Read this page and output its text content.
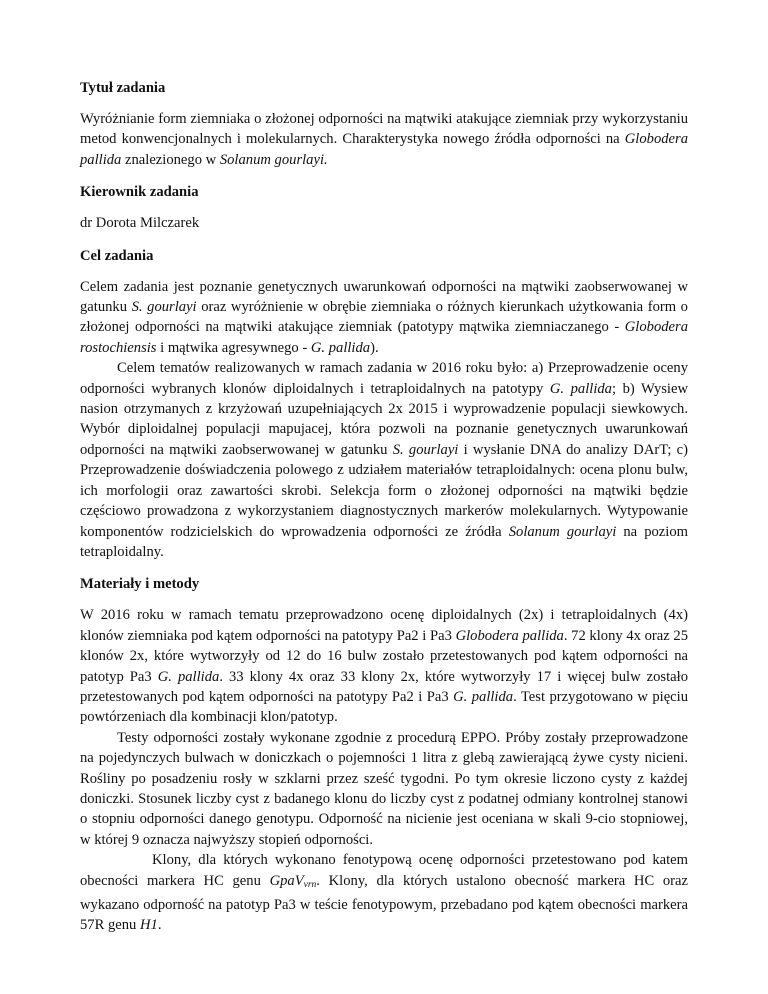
Tytuł zadania

Wyróżnianie form ziemniaka o złożonej odporności na mątwiki atakujące ziemniak przy wykorzystaniu metod konwencjonalnych i molekularnych. Charakterystyka nowego źródła odporności na Globodera pallida znalezionego w Solanum gourlayi.

Kierownik zadania

dr Dorota Milczarek

Cel zadania

Celem zadania jest poznanie genetycznych uwarunkowań odporności na mątwiki zaobserwowanej w gatunku S. gourlayi oraz wyróżnienie w obrębie ziemniaka o różnych kierunkach użytkowania form o złożonej odporności na mątwiki atakujące ziemniak (patotypy mątwika ziemniaczanego - Globodera rostochiensis i mątwika agresywnego - G. pallida).

Celem tematów realizowanych w ramach zadania w 2016 roku było: a) Przeprowadzenie oceny odporności wybranych klonów diploidalnych i tetraploidalnych na patotypy G. pallida; b) Wysiew nasion otrzymanych z krzyżowań uzupełniających 2x 2015 i wyprowadzenie populacji siewkowych. Wybór diploidalnej populacji mapujacej, która pozwoli na poznanie genetycznych uwarunkowań odporności na mątwiki zaobserwowanej w gatunku S. gourlayi i wysłanie DNA do analizy DArT; c) Przeprowadzenie doświadczenia polowego z udziałem materiałów tetraploidalnych: ocena plonu bulw, ich morfologii oraz zawartości skrobi. Selekcja form o złożonej odporności na mątwiki będzie częściowo prowadzona z wykorzystaniem diagnostycznych markerów molekularnych. Wytypowanie komponentów rodzicielskich do wprowadzenia odporności ze źródła Solanum gourlayi na poziom tetraploidalny.

Materiały i metody

W 2016 roku w ramach tematu przeprowadzono ocenę diploidalnych (2x) i tetraploidalnych (4x) klonów ziemniaka pod kątem odporności na patotypy Pa2 i Pa3 Globodera pallida. 72 klony 4x oraz 25 klonów 2x, które wytworzyły od 12 do 16 bulw zostało przetestowanych pod kątem odporności na patotyp Pa3 G. pallida. 33 klony 4x oraz 33 klony 2x, które wytworzyły 17 i więcej bulw zostało przetestowanych pod kątem odporności na patotypy Pa2 i Pa3 G. pallida. Test przygotowano w pięciu powtórzeniach dla kombinacji klon/patotyp.

Testy odporności zostały wykonane zgodnie z procedurą EPPO. Próby zostały przeprowadzone na pojedynczych bulwach w doniczkach o pojemności 1 litra z glebą zawierającą żywe cysty nicieni. Rośliny po posadzeniu rosły w szklarni przez sześć tygodni. Po tym okresie liczono cysty z każdej doniczki. Stosunek liczby cyst z badanego klonu do liczby cyst z podatnej odmiany kontrolnej stanowi o stopniu odporności danego genotypu. Odporność na nicienie jest oceniana w skali 9-cio stopniowej, w której 9 oznacza najwyższy stopień odporności.

Klony, dla których wykonano fenotypową ocenę odporności przetestowano pod katem obecności markera HC genu GpaV$_{vrn}$. Klony, dla których ustalono obecność markera HC oraz wykazano odporność na patotyp Pa3 w teście fenotypowym, przebadano pod kątem obecności markera 57R genu H1.
